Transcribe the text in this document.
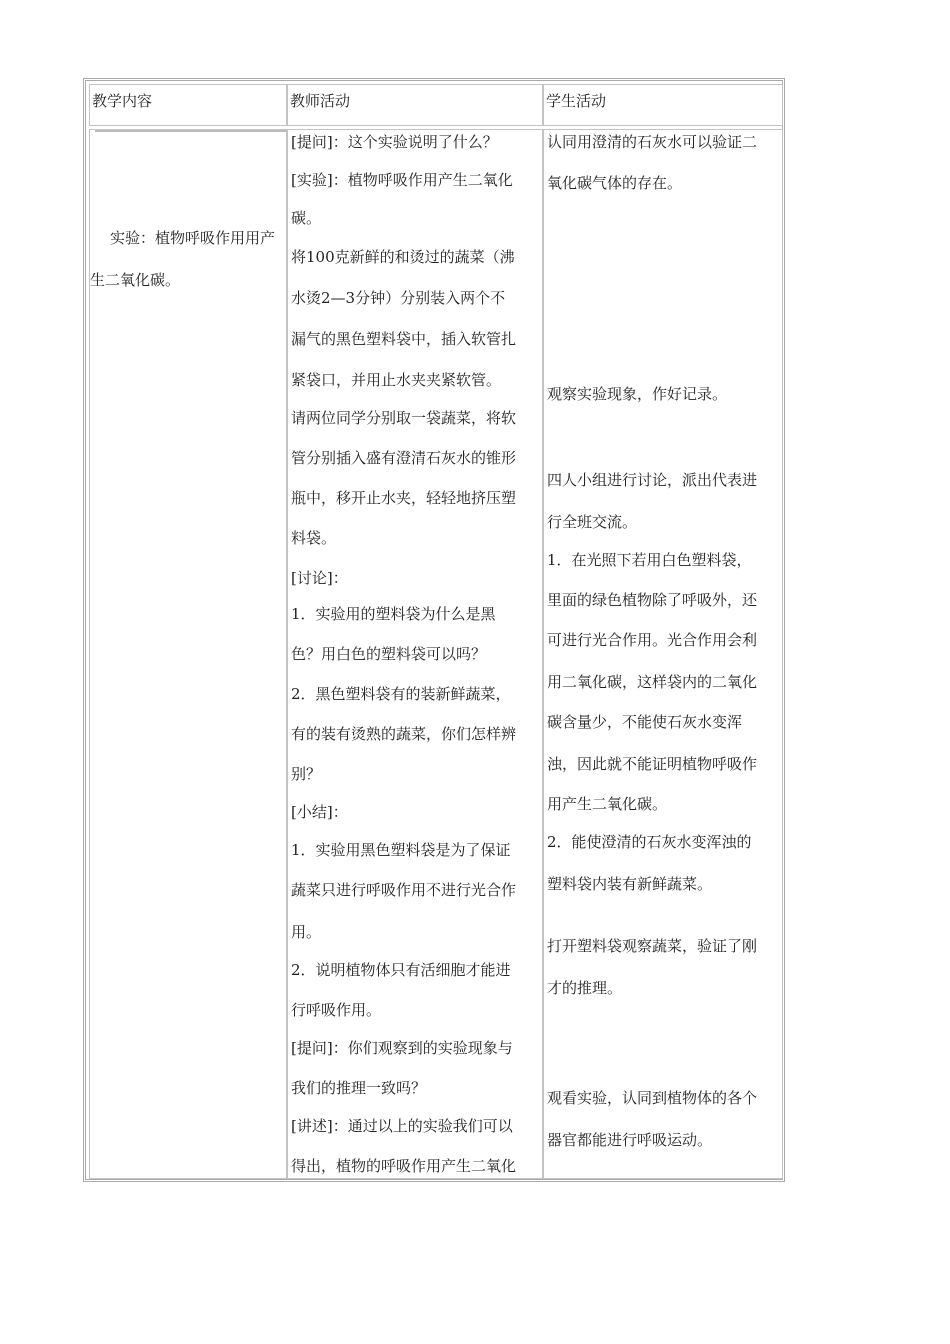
教学内容	教师活动	学生活动
实验：植物呼吸作用用产
生二氧化碳。
[提问]：这个实验说明了什么？
[实验]：植物呼吸作用产生二氧化
碳。
将100克新鲜的和烫过的蔬菜（沸
水烫2—3分钟）分别装入两个不
漏气的黑色塑料袋中，插入软管扎
紧袋口，并用止水夹夹紧软管。
请两位同学分别取一袋蔬菜，将软
管分别插入盛有澄清石灰水的锥形
瓶中，移开止水夹，轻轻地挤压塑
料袋。
[讨论]：
1．实验用的塑料袋为什么是黑
色？用白色的塑料袋可以吗？
2．黑色塑料袋有的装新鲜蔬菜，
有的装有烫熟的蔬菜，你们怎样辨
别？
[小结]：
1．实验用黑色塑料袋是为了保证
蔬菜只进行呼吸作用不进行光合作
用。
2．说明植物体只有活细胞才能进
行呼吸作用。
[提问]：你们观察到的实验现象与
我们的推理一致吗？
[讲述]：通过以上的实验我们可以
得出，植物的呼吸作用产生二氧化
认同用澄清的石灰水可以验证二
氧化碳气体的存在。
观察实验现象，作好记录。
四人小组进行讨论，派出代表进
行全班交流。
1．在光照下若用白色塑料袋，
里面的绿色植物除了呼吸外，还
可进行光合作用。光合作用会利
用二氧化碳，这样袋内的二氧化
碳含量少，不能使石灰水变浑
浊，因此就不能证明植物呼吸作
用产生二氧化碳。
2．能使澄清的石灰水变浑浊的
塑料袋内装有新鲜蔬菜。
打开塑料袋观察蔬菜，验证了刚
才的推理。
观看实验，认同到植物体的各个
器官都能进行呼吸运动。
